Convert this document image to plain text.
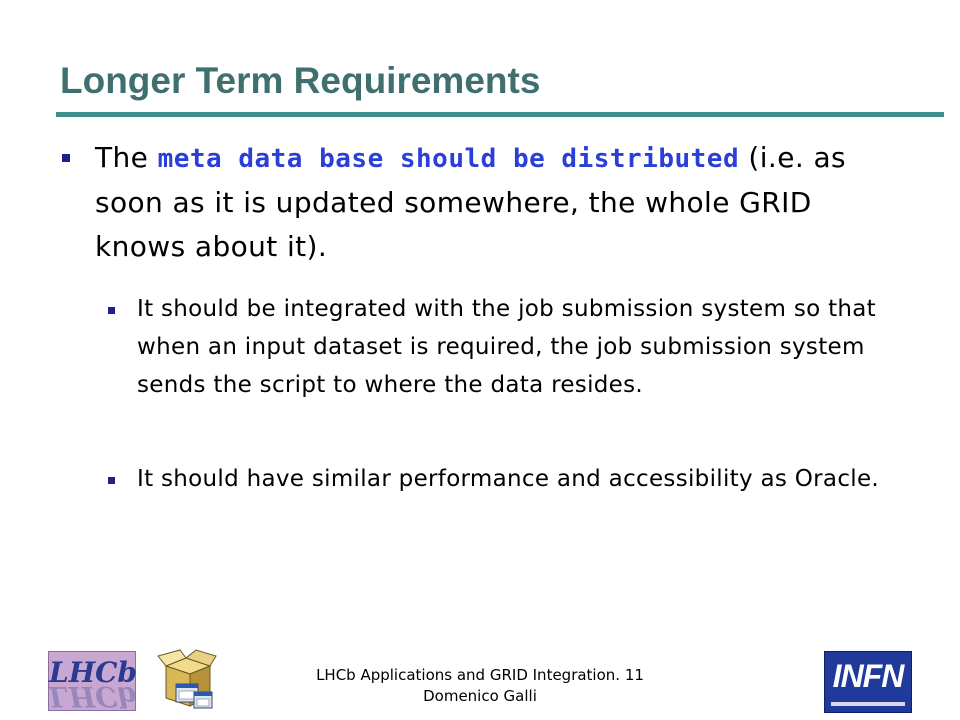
Longer Term Requirements
The meta data base should be distributed (i.e. as soon as it is updated somewhere, the whole GRID knows about it).
It should be integrated with the job submission system so that when an input dataset is required, the job submission system sends the script to where the data resides.
It should have similar performance and accessibility as Oracle.
LHCb
LHCb
LHCb Applications and GRID Integration. 11
Domenico Galli
INFN
